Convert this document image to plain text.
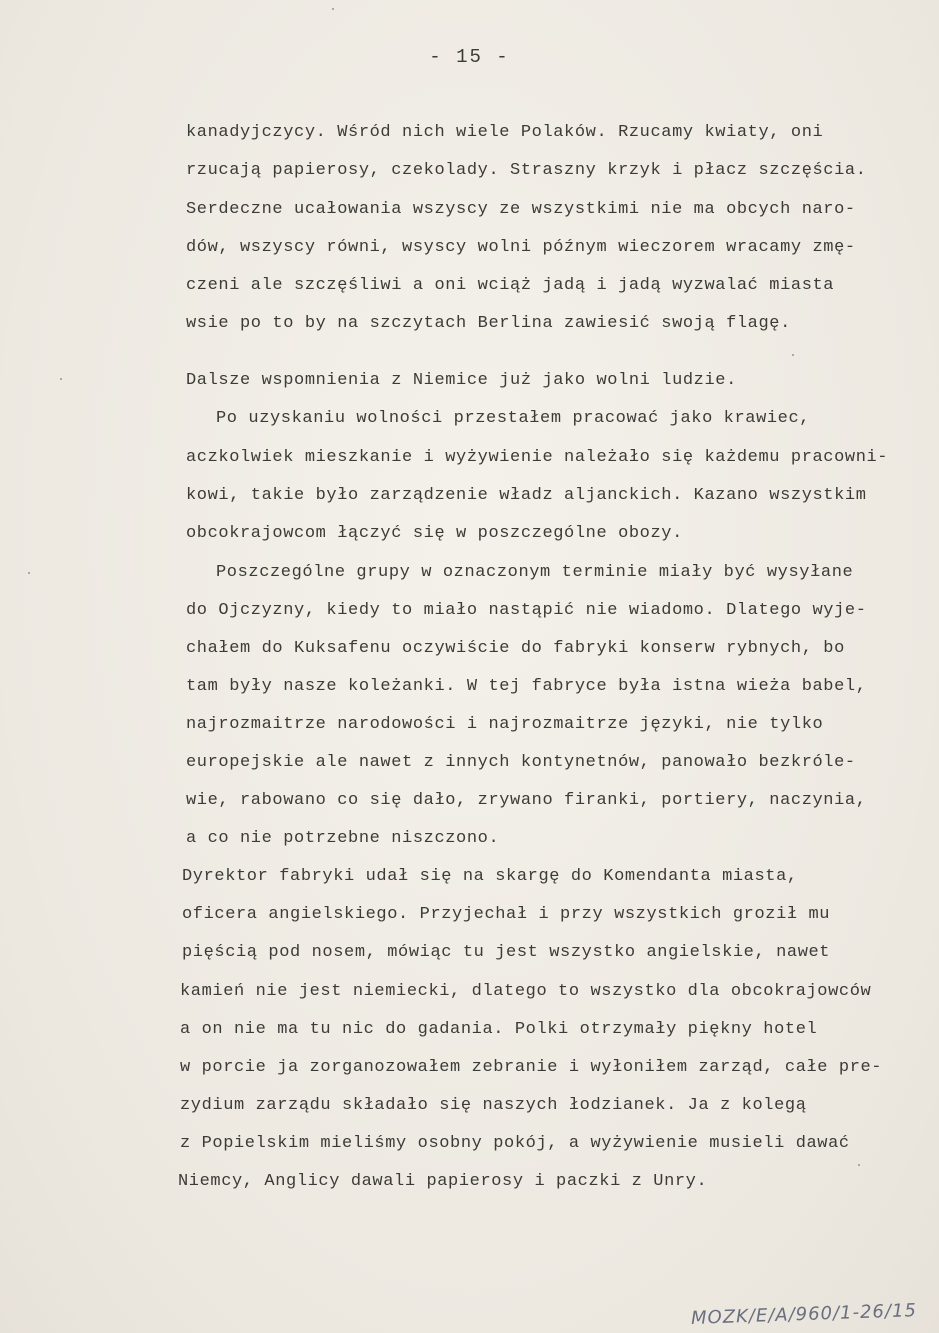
- 15 -
kanadyjczycy. Wśród nich wiele Polaków. Rzucamy kwiaty, oni
rzucają papierosy, czekolady. Straszny krzyk i płacz szczęścia.
Serdeczne ucałowania wszyscy ze wszystkimi nie ma obcych naro-
dów, wszyscy równi, wsyscy wolni późnym wieczorem wracamy zmę-
czeni ale szczęśliwi a oni wciąż jadą i jadą wyzwalać miasta
wsie po to by na szczytach Berlina zawiesić swoją flagę.
Dalsze wspomnienia z Niemice już jako wolni ludzie.
Po uzyskaniu wolności przestałem pracować jako krawiec,
aczkolwiek mieszkanie i wyżywienie należało się każdemu pracowni-
kowi, takie było zarządzenie władz aljanckich. Kazano wszystkim
obcokrajowcom łączyć się w poszczególne obozy.
Poszczególne grupy w oznaczonym terminie miały być wysyłane
do Ojczyzny, kiedy to miało nastąpić nie wiadomo. Dlatego wyje-
chałem do Kuksafenu oczywiście do fabryki konserw rybnych, bo
tam były nasze koleżanki. W tej fabryce była istna wieża babel,
najrozmaitrze narodowości i najrozmaitrze języki, nie tylko
europejskie ale nawet z innych kontynetnów, panowało bezkróle-
wie, rabowano co się dało, zrywano firanki, portiery, naczynia,
a co nie potrzebne niszczono.
Dyrektor fabryki udał się na skargę do Komendanta miasta,
oficera angielskiego. Przyjechał i przy wszystkich groził mu
pięścią pod nosem, mówiąc tu jest wszystko angielskie, nawet
kamień nie jest niemiecki, dlatego to wszystko dla obcokrajowców
a on nie ma tu nic do gadania. Polki otrzymały piękny hotel
w porcie ja zorganozowałem zebranie i wyłoniłem zarząd, całe pre-
zydium zarządu składało się naszych łodzianek. Ja z kolegą
z Popielskim mieliśmy osobny pokój, a wyżywienie musieli dawać
Niemcy, Anglicy dawali papierosy i paczki z Unry.
MOZK/E/A/960/1-26/15
